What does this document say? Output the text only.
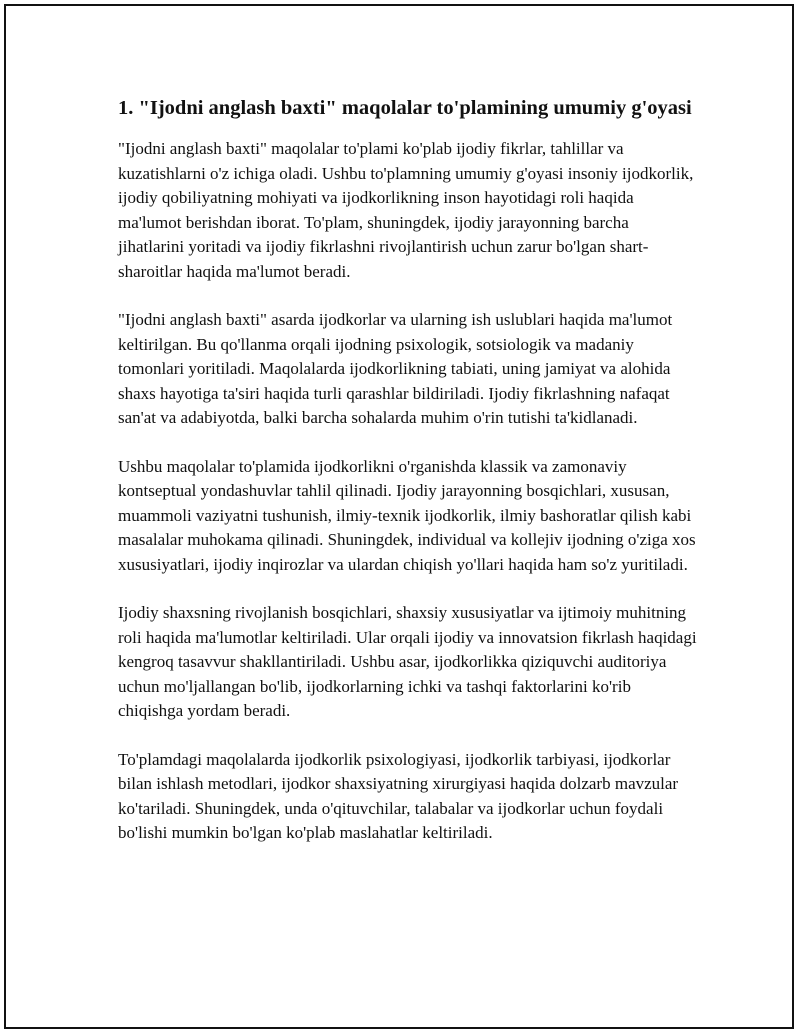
1. "Ijodni anglash baxti" maqolalar to'plamining umumiy g'oyasi

"Ijodni anglash baxti" maqolalar to'plami ko'plab ijodiy fikrlar, tahlillar va kuzatishlarni o'z ichiga oladi. Ushbu to'plamning umumiy g'oyasi insoniy ijodkorlik, ijodiy qobiliyatning mohiyati va ijodkorlikning inson hayotidagi roli haqida ma'lumot berishdan iborat. To'plam, shuningdek, ijodiy jarayonning barcha jihatlarini yoritadi va ijodiy fikrlashni rivojlantirish uchun zarur bo'lgan shart-sharoitlar haqida ma'lumot beradi.

"Ijodni anglash baxti" asarda ijodkorlar va ularning ish uslublari haqida ma'lumot keltirilgan. Bu qo'llanma orqali ijodning psixologik, sotsiologik va madaniy tomonlari yoritiladi. Maqolalarda ijodkorlikning tabiati, uning jamiyat va alohida shaxs hayotiga ta'siri haqida turli qarashlar bildiriladi. Ijodiy fikrlashning nafaqat san'at va adabiyotda, balki barcha sohalarda muhim o'rin tutishi ta'kidlanadi.

Ushbu maqolalar to'plamida ijodkorlikni o'rganishda klassik va zamonaviy kontseptual yondashuvlar tahlil qilinadi. Ijodiy jarayonning bosqichlari, xususan, muammoli vaziyatni tushunish, ilmiy-texnik ijodkorlik, ilmiy bashoratlar qilish kabi masalalar muhokama qilinadi. Shuningdek, individual va kollejiv ijodning o'ziga xos xususiyatlari, ijodiy inqirozlar va ulardan chiqish yo'llari haqida ham so'z yuritiladi.

Ijodiy shaxsning rivojlanish bosqichlari, shaxsiy xususiyatlar va ijtimoiy muhitning roli haqida ma'lumotlar keltiriladi. Ular orqali ijodiy va innovatsion fikrlash haqidagi kengroq tasavvur shakllantiriladi. Ushbu asar, ijodkorlikka qiziquvchi auditoriya uchun mo'ljallangan bo'lib, ijodkorlarning ichki va tashqi faktorlarini ko'rib chiqishga yordam beradi.

To'plamdagi maqolalarda ijodkorlik psixologiyasi, ijodkorlik tarbiyasi, ijodkorlar bilan ishlash metodlari, ijodkor shaxsiyatning xirurgiyasi haqida dolzarb mavzular ko'tariladi. Shuningdek, unda o'qituvchilar, talabalar va ijodkorlar uchun foydali bo'lishi mumkin bo'lgan ko'plab maslahatlar keltiriladi.
